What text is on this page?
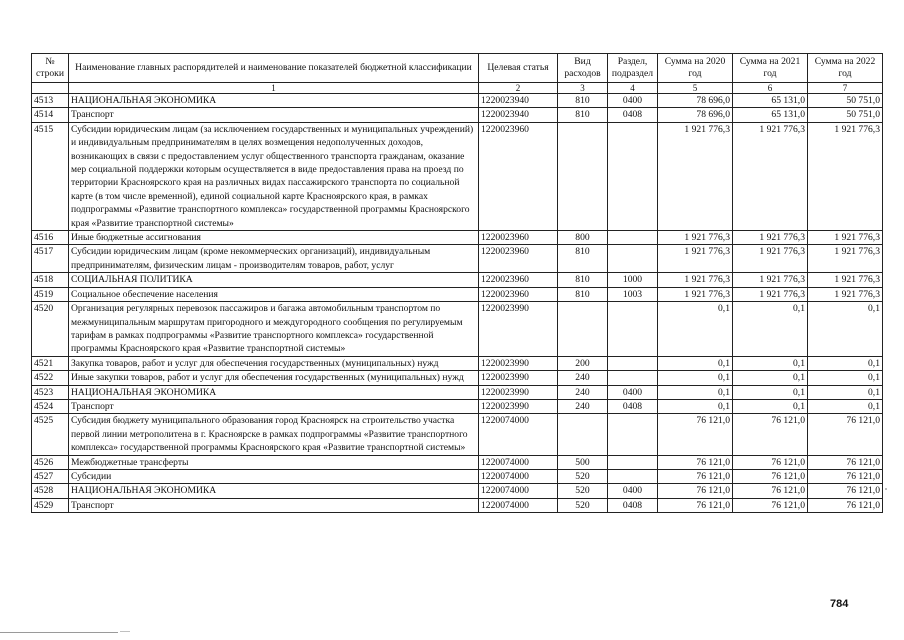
№ строки	Наименование главных распорядителей и наименование показателей бюджетной классификации	Целевая статья	Вид расходов	Раздел, подраздел	Сумма на 2020 год	Сумма на 2021 год	Сумма на 2022 год
	1	2	3	4	5	6	7
4513	НАЦИОНАЛЬНАЯ ЭКОНОМИКА	1220023940	810	0400	78 696,0	65 131,0	50 751,0
4514	Транспорт	1220023940	810	0408	78 696,0	65 131,0	50 751,0
4515	Субсидии юридическим лицам (за исключением государственных и муниципальных учреждений) и индивидуальным предпринимателям в целях возмещения недополученных доходов, возникающих в связи с предоставлением услуг общественного транспорта гражданам, оказание мер социальной поддержки которым осуществляется в виде предоставления права на проезд по территории Красноярского края на различных видах пассажирского транспорта по социальной карте (в том числе временной), единой социальной карте Красноярского края, в рамках подпрограммы «Развитие транспортного комплекса» государственной программы Красноярского края «Развитие транспортной системы»	1220023960			1 921 776,3	1 921 776,3	1 921 776,3
4516	Иные бюджетные ассигнования	1220023960	800		1 921 776,3	1 921 776,3	1 921 776,3
4517	Субсидии юридическим лицам (кроме некоммерческих организаций), индивидуальным предпринимателям, физическим лицам - производителям товаров, работ, услуг	1220023960	810		1 921 776,3	1 921 776,3	1 921 776,3
4518	СОЦИАЛЬНАЯ ПОЛИТИКА	1220023960	810	1000	1 921 776,3	1 921 776,3	1 921 776,3
4519	Социальное обеспечение населения	1220023960	810	1003	1 921 776,3	1 921 776,3	1 921 776,3
4520	Организация регулярных перевозок пассажиров и багажа автомобильным транспортом по межмуниципальным маршрутам пригородного и междугородного сообщения по регулируемым тарифам в рамках подпрограммы «Развитие транспортного комплекса» государственной программы Красноярского края «Развитие транспортной системы»	1220023990			0,1	0,1	0,1
4521	Закупка товаров, работ и услуг для обеспечения государственных (муниципальных) нужд	1220023990	200		0,1	0,1	0,1
4522	Иные закупки товаров, работ и услуг для обеспечения государственных (муниципальных) нужд	1220023990	240		0,1	0,1	0,1
4523	НАЦИОНАЛЬНАЯ ЭКОНОМИКА	1220023990	240	0400	0,1	0,1	0,1
4524	Транспорт	1220023990	240	0408	0,1	0,1	0,1
4525	Субсидия бюджету муниципального образования город Красноярск на строительство участка первой линии метрополитена в г. Красноярске в рамках подпрограммы «Развитие транспортного комплекса» государственной программы Красноярского края «Развитие транспортной системы»	1220074000			76 121,0	76 121,0	76 121,0
4526	Межбюджетные трансферты	1220074000	500		76 121,0	76 121,0	76 121,0
4527	Субсидии	1220074000	520		76 121,0	76 121,0	76 121,0
4528	НАЦИОНАЛЬНАЯ ЭКОНОМИКА	1220074000	520	0400	76 121,0	76 121,0	76 121,0
4529	Транспорт	1220074000	520	0408	76 121,0	76 121,0	76 121,0
784
